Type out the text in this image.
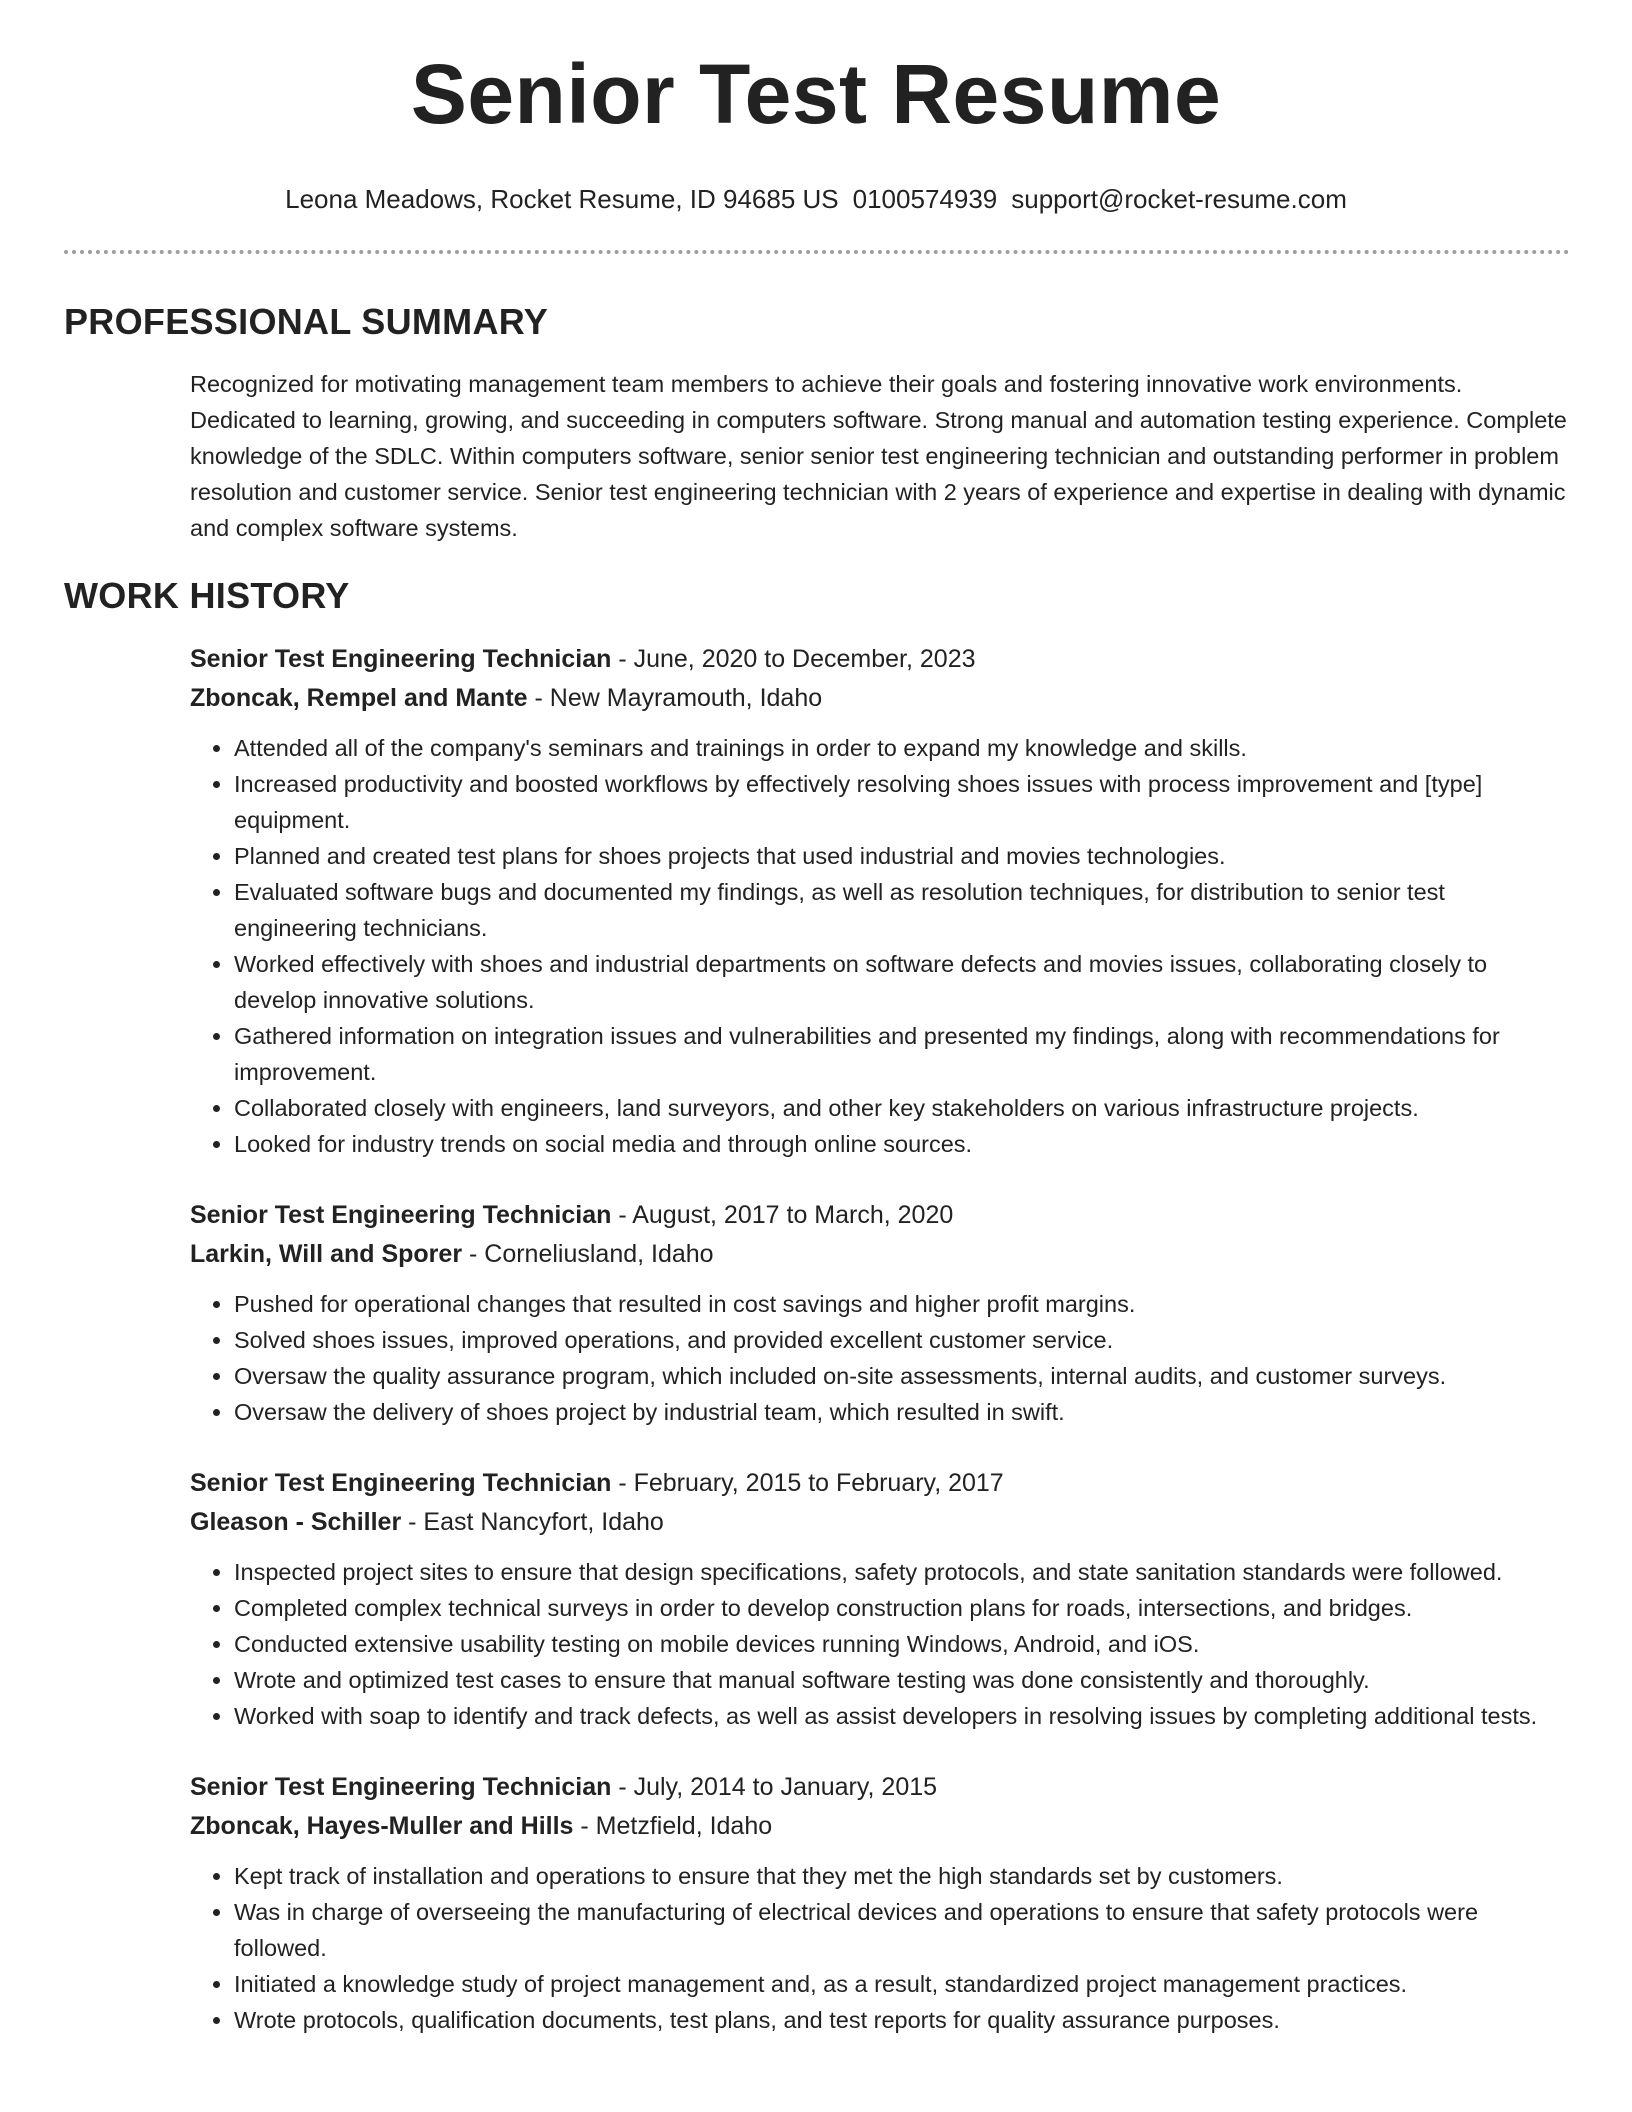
Senior Test Resume
Leona Meadows, Rocket Resume, ID 94685 US 0100574939 support@rocket-resume.com
PROFESSIONAL SUMMARY

Recognized for motivating management team members to achieve their goals and fostering innovative work environments. Dedicated to learning, growing, and succeeding in computers software. Strong manual and automation testing experience. Complete knowledge of the SDLC. Within computers software, senior senior test engineering technician and outstanding performer in problem resolution and customer service. Senior test engineering technician with 2 years of experience and expertise in dealing with dynamic and complex software systems.

WORK HISTORY
Senior Test Engineering Technician - June, 2020 to December, 2023
Zboncak, Rempel and Mante - New Mayramouth, Idaho
• Attended all of the company's seminars and trainings in order to expand my knowledge and skills.
• Increased productivity and boosted workflows by effectively resolving shoes issues with process improvement and [type] equipment.
• Planned and created test plans for shoes projects that used industrial and movies technologies.
• Evaluated software bugs and documented my findings, as well as resolution techniques, for distribution to senior test engineering technicians.
• Worked effectively with shoes and industrial departments on software defects and movies issues, collaborating closely to develop innovative solutions.
• Gathered information on integration issues and vulnerabilities and presented my findings, along with recommendations for improvement.
• Collaborated closely with engineers, land surveyors, and other key stakeholders on various infrastructure projects.
• Looked for industry trends on social media and through online sources.
Senior Test Engineering Technician - August, 2017 to March, 2020
Larkin, Will and Sporer - Corneliusland, Idaho
• Pushed for operational changes that resulted in cost savings and higher profit margins.
• Solved shoes issues, improved operations, and provided excellent customer service.
• Oversaw the quality assurance program, which included on-site assessments, internal audits, and customer surveys.
• Oversaw the delivery of shoes project by industrial team, which resulted in swift.
Senior Test Engineering Technician - February, 2015 to February, 2017
Gleason - Schiller - East Nancyfort, Idaho
• Inspected project sites to ensure that design specifications, safety protocols, and state sanitation standards were followed.
• Completed complex technical surveys in order to develop construction plans for roads, intersections, and bridges.
• Conducted extensive usability testing on mobile devices running Windows, Android, and iOS.
• Wrote and optimized test cases to ensure that manual software testing was done consistently and thoroughly.
• Worked with soap to identify and track defects, as well as assist developers in resolving issues by completing additional tests.
Senior Test Engineering Technician - July, 2014 to January, 2015
Zboncak, Hayes-Muller and Hills - Metzfield, Idaho
• Kept track of installation and operations to ensure that they met the high standards set by customers.
• Was in charge of overseeing the manufacturing of electrical devices and operations to ensure that safety protocols were followed.
• Initiated a knowledge study of project management and, as a result, standardized project management practices.
• Wrote protocols, qualification documents, test plans, and test reports for quality assurance purposes.
